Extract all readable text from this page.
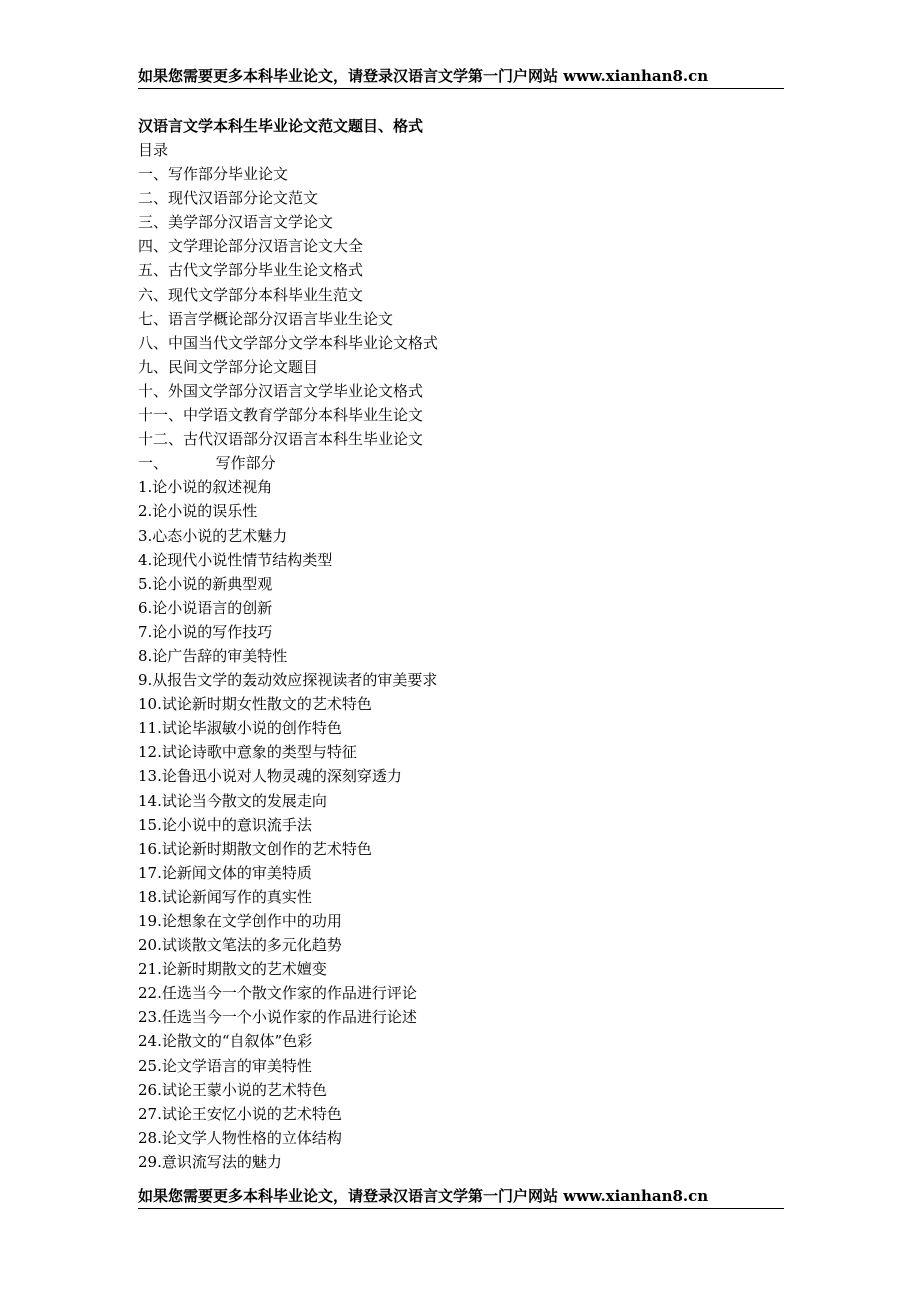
如果您需要更多本科毕业论文，请登录汉语言文学第一门户网站 www.xianhan8.cn
汉语言文学本科生毕业论文范文题目、格式
目录
一、写作部分毕业论文
二、现代汉语部分论文范文
三、美学部分汉语言文学论文
四、文学理论部分汉语言论文大全
五、古代文学部分毕业生论文格式
六、现代文学部分本科毕业生范文
七、语言学概论部分汉语言毕业生论文
八、中国当代文学部分文学本科毕业论文格式
九、民间文学部分论文题目
十、外国文学部分汉语言文学毕业论文格式
十一、中学语文教育学部分本科毕业生论文
十二、古代汉语部分汉语言本科生毕业论文
一、          写作部分
1.论小说的叙述视角
2.论小说的误乐性
3.心态小说的艺术魅力
4.论现代小说性情节结构类型
5.论小说的新典型观
6.论小说语言的创新
7.论小说的写作技巧
8.论广告辞的审美特性
9.从报告文学的轰动效应探视读者的审美要求
10.试论新时期女性散文的艺术特色
11.试论毕淑敏小说的创作特色
12.试论诗歌中意象的类型与特征
13.论鲁迅小说对人物灵魂的深刻穿透力
14.试论当今散文的发展走向
15.论小说中的意识流手法
16.试论新时期散文创作的艺术特色
17.论新闻文体的审美特质
18.试论新闻写作的真实性
19.论想象在文学创作中的功用
20.试谈散文笔法的多元化趋势
21.论新时期散文的艺术嬗变
22.任选当今一个散文作家的作品进行评论
23.任选当今一个小说作家的作品进行论述
24.论散文的“自叙体”色彩
25.论文学语言的审美特性
26.试论王蒙小说的艺术特色
27.试论王安忆小说的艺术特色
28.论文学人物性格的立体结构
29.意识流写法的魅力
如果您需要更多本科毕业论文，请登录汉语言文学第一门户网站 www.xianhan8.cn
